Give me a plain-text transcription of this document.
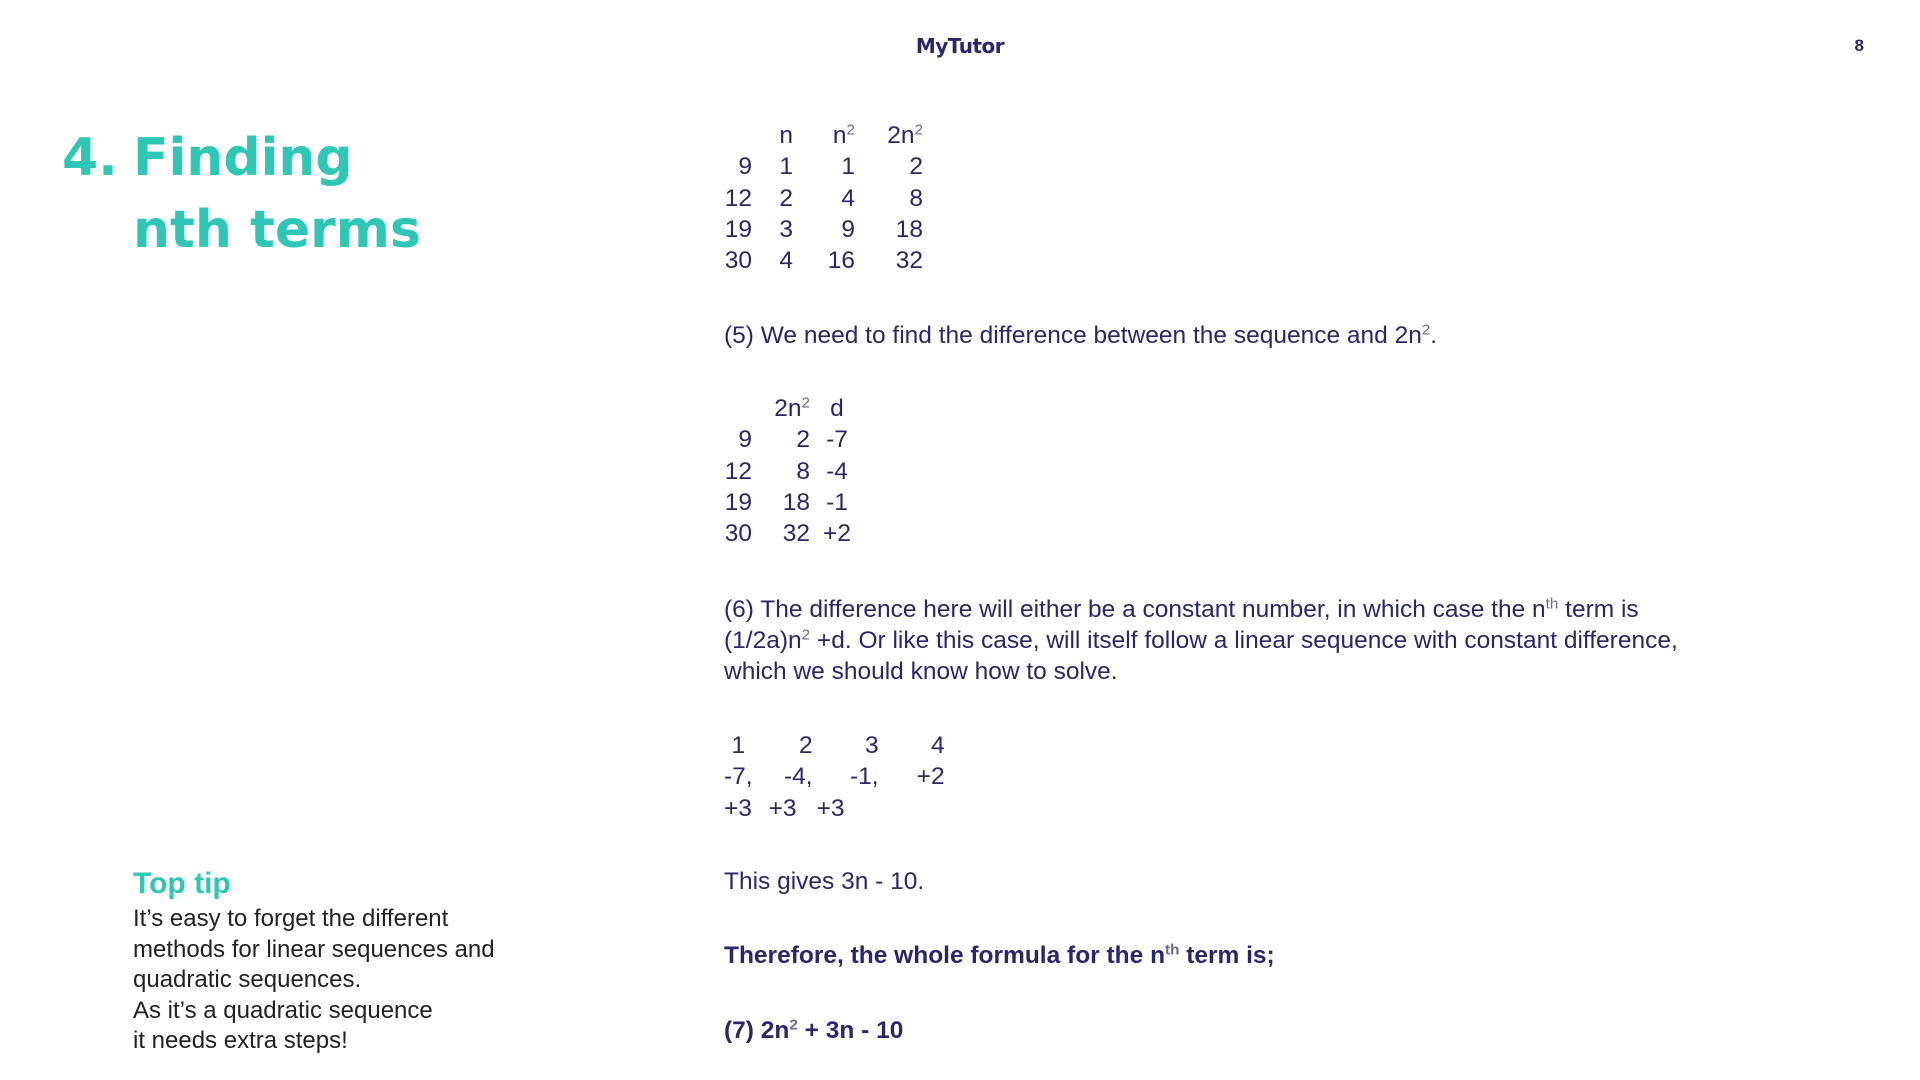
MyTutor	8
4. Finding
nth terms
Top tip
It’s easy to forget the different
methods for linear sequences and
quadratic sequences.
As it’s a quadratic sequence
it needs extra steps!
	n	$n^2$	$2n^2$
9	1	1	2
12	2	4	8
19	3	9	18
30	4	16	32
(5) We need to find the difference between the sequence and $2n^2$.
	$2n^2$	d
9	2	-7
12	8	-4
19	18	-1
30	32	+2
(6) The difference here will either be a constant number, in which case the $n^{th}$ term is
$(1/2a)n^2 +d$. Or like this case, will itself follow a linear sequence with constant difference,
which we should know how to solve.
1	2	3	4
-7,	-4,	-1,	+2
+3	+3	+3	
This gives 3n - 10.
Therefore, the whole formula for the $n^{th}$ term is;
(7) $2n^2 + 3n - 10$
